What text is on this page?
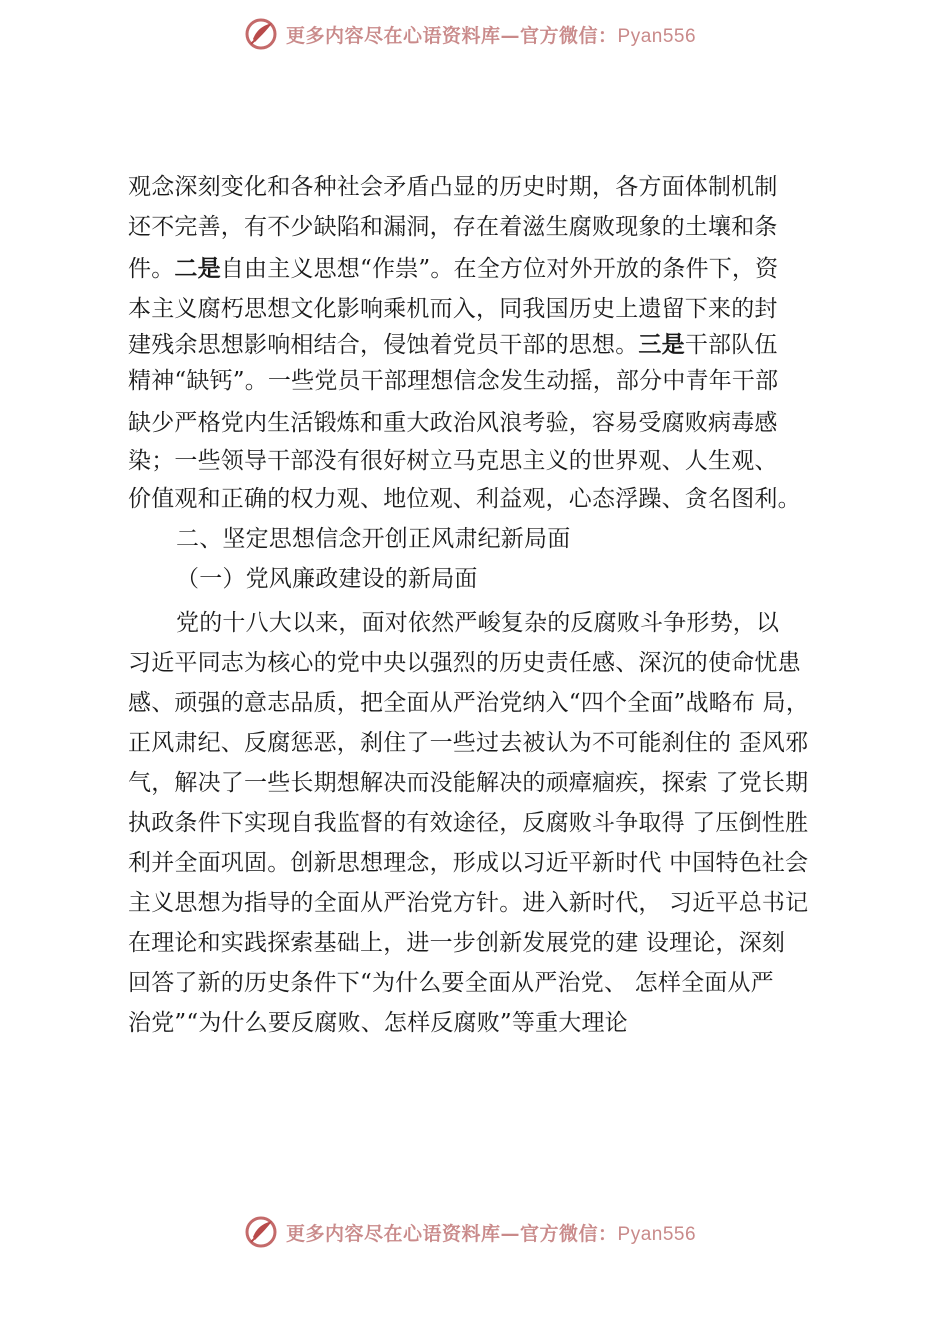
更多内容尽在心语资料库—官方微信：Pyan556
观念深刻变化和各种社会矛盾凸显的历史时期，各方面体制机制
还不完善，有不少缺陷和漏洞，存在着滋生腐败现象的土壤和条
件。二是自由主义思想“作祟”。在全方位对外开放的条件下，资
本主义腐朽思想文化影响乘机而入，同我国历史上遗留下来的封
建残余思想影响相结合，侵蚀着党员干部的思想。三是干部队伍
精神“缺钙”。一些党员干部理想信念发生动摇，部分中青年干部
缺少严格党内生活锻炼和重大政治风浪考验，容易受腐败病毒感
染；一些领导干部没有很好树立马克思主义的世界观、人生观、
价值观和正确的权力观、地位观、利益观，心态浮躁、贪名图利。
二、坚定思想信念开创正风肃纪新局面
（一）党风廉政建设的新局面
党的十八大以来，面对依然严峻复杂的反腐败斗争形势，以
习近平同志为核心的党中央以强烈的历史责任感、深沉的使命忧患
感、顽强的意志品质，把全面从严治党纳入“四个全面”战略布 局，
正风肃纪、反腐惩恶，刹住了一些过去被认为不可能刹住的 歪风邪
气，解决了一些长期想解决而没能解决的顽瘴痼疾，探索 了党长期
执政条件下实现自我监督的有效途径，反腐败斗争取得 了压倒性胜
利并全面巩固。创新思想理念，形成以习近平新时代 中国特色社会
主义思想为指导的全面从严治党方针。进入新时代， 习近平总书记
在理论和实践探索基础上，进一步创新发展党的建 设理论，深刻
回答了新的历史条件下“为什么要全面从严治党、 怎样全面从严
治党”“为什么要反腐败、怎样反腐败”等重大理论
更多内容尽在心语资料库—官方微信：Pyan556
